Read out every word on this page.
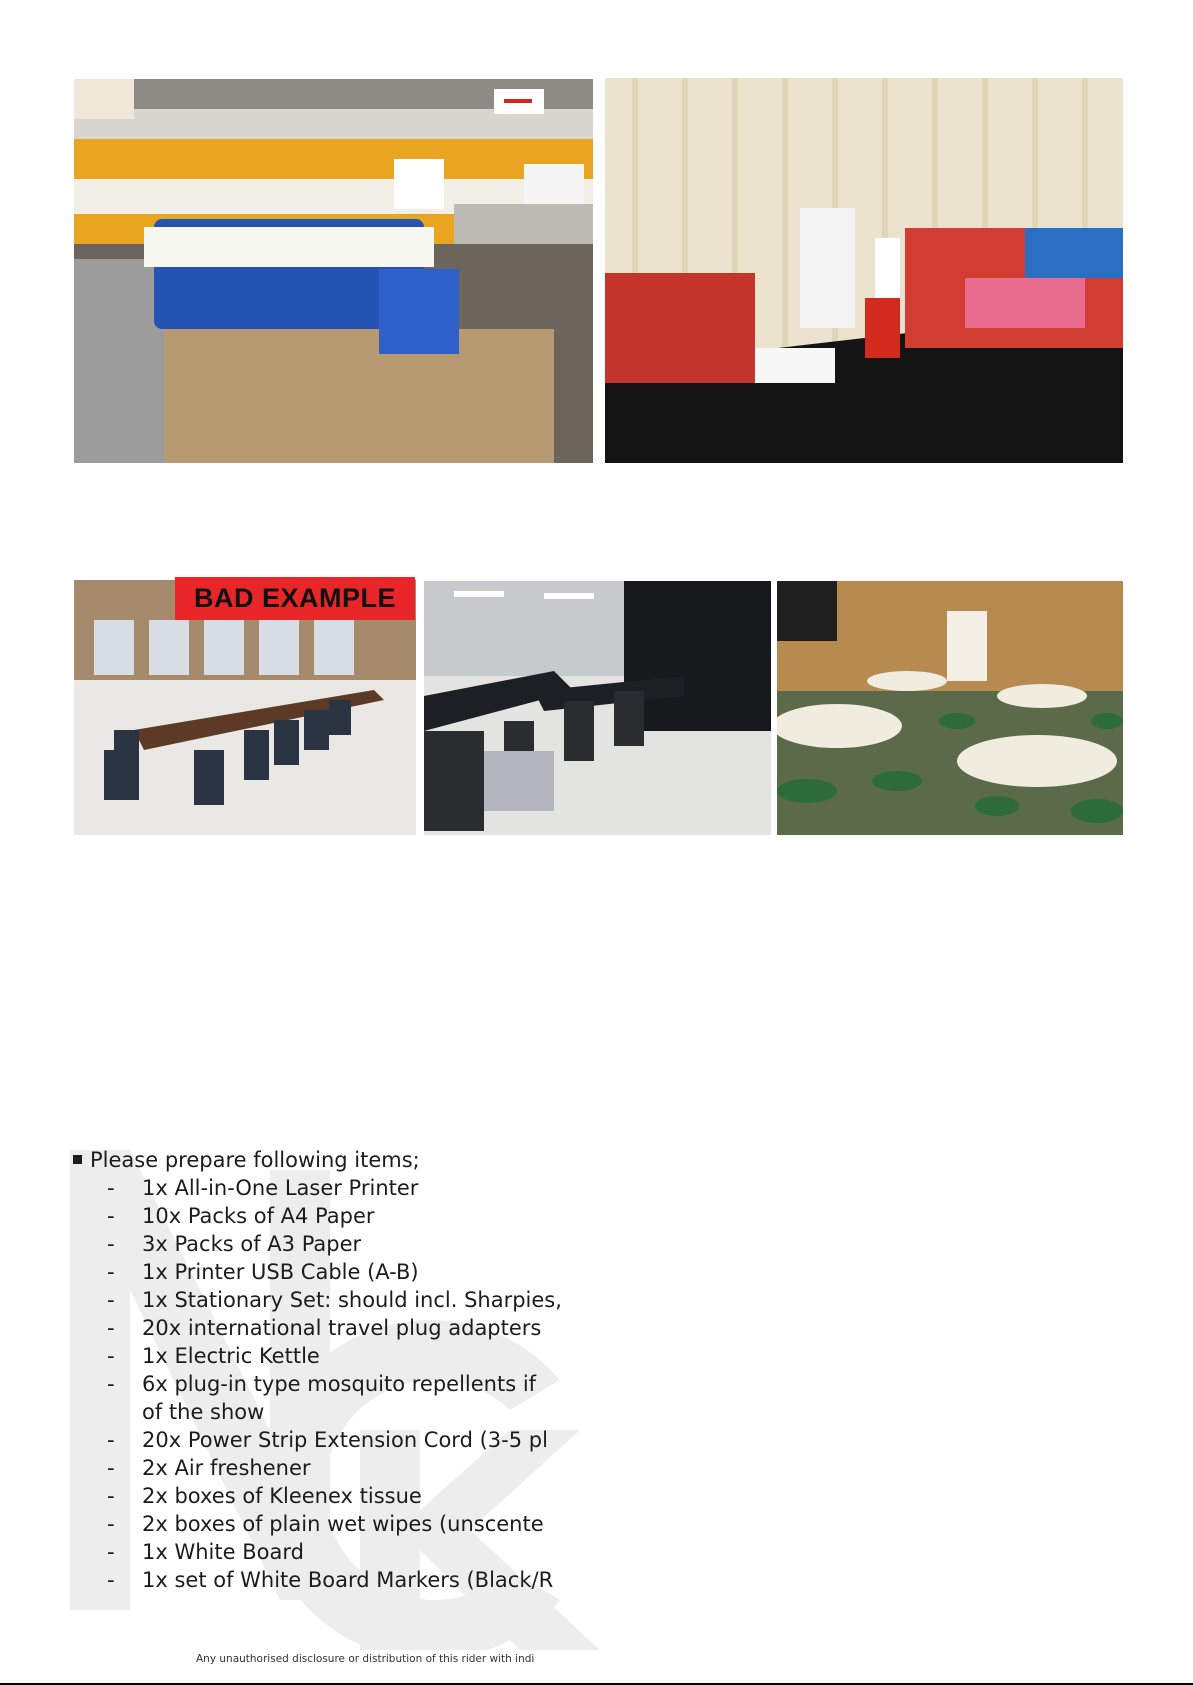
BAD EXAMPLE
Please prepare following items;
- 1x All-in-One Laser Printer
- 10x Packs of A4 Paper
- 3x Packs of A3 Paper
- 1x Printer USB Cable (A-B)
- 1x Stationary Set: should incl. Sharpies,
- 20x international travel plug adapters
- 1x Electric Kettle
- 6x plug-in type mosquito repellents if
of the show
- 20x Power Strip Extension Cord (3-5 pl
- 2x Air freshener
- 2x boxes of Kleenex tissue
- 2x boxes of plain wet wipes (unscente
- 1x White Board
- 1x set of White Board Markers (Black/R
Any unauthorised disclosure or distribution of this rider with indi
